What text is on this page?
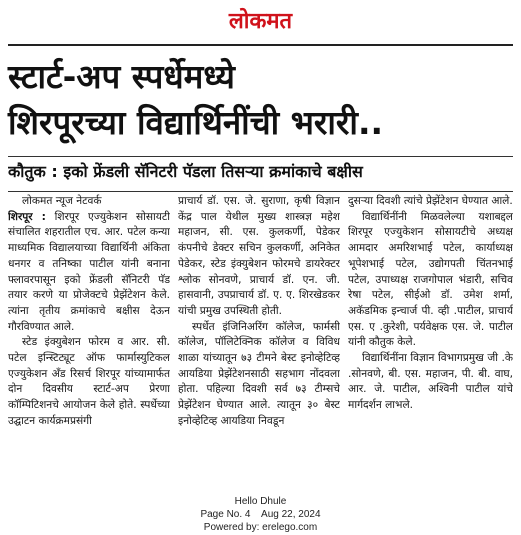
लोकमत
स्टार्ट-अप स्पर्धेमध्ये
शिरपूरच्या विद्यार्थिनींची भरारी..
कौतुक : इको फ्रेंडली सॅनिटरी पॅडला तिसऱ्या क्रमांकाचे बक्षीस

लोकमत न्यूज नेटवर्क

शिरपूर : शिरपूर एज्युकेशन सोसायटी संचालित शहरातील एच. आर. पटेल कन्या माध्यमिक विद्यालयाच्या विद्यार्थिनी अंकिता धनगर व तनिष्का पाटील यांनी बनाना फ्लावरपासून इको फ्रेंडली सॅनिटरी पॅड तयार करणे या प्रोजेक्टचे प्रेझेंटेशन केले. त्यांना तृतीय क्रमांकाचे बक्षीस देऊन गौरविण्यात आले.

स्टेड इंक्युबेशन फोरम व आर. सी. पटेल इन्स्टिट्यूट ऑफ फार्मास्युटिकल एज्युकेशन अँड रिसर्च शिरपूर यांच्यामार्फत दोन दिवसीय स्टार्ट-अप प्रेरणा कॉम्पिटिशनचे आयोजन केले होते. स्पर्धेच्या उद्घाटन कार्यक्रमप्रसंगी

प्राचार्य डॉ. एस. जे. सुराणा, कृषी विज्ञान केंद्र पाल येथील मुख्य शास्त्रज्ञ महेश महाजन, सी. एस. कुलकर्णी, पेडेकर कंपनीचे डेक्टर सचिन कुलकर्णी, अनिकेत पेडेकर, स्टेड इंक्युबेशन फोरमचे डायरेक्टर श्लोक सोनवणे, प्राचार्य डॉ. एन. जी. हासवानी, उपप्राचार्य डॉ. ए. ए. शिरखेडकर यांची प्रमुख उपस्थिती होती.

स्पर्धेत इंजिनिअरिंग कॉलेज, फार्मसी कॉलेज, पॉलिटेक्निक कॉलेज व विविध शाळा यांच्यातून ७३ टीमने बेस्ट इनोव्हेटिव्ह आयडिया प्रेझेंटेशनसाठी सहभाग नोंदवला होता. पहिल्या दिवशी सर्व ७३ टीम्सचे प्रेझेंटेशन घेण्यात आले. त्यातून ३० बेस्ट इनोव्हेटिव्ह आयडिया निवडून

दुसऱ्या दिवशी त्यांचे प्रेझेंटेशन घेण्यात आले.

विद्यार्थिनींनी मिळवलेल्या यशाबद्दल शिरपूर एज्युकेशन सोसायटीचे अध्यक्ष आमदार अमरिशभाई पटेल, कार्याध्यक्ष भूपेशभाई पटेल, उद्योगपती चिंतनभाई पटेल, उपाध्यक्ष राजगोपाल भंडारी, सचिव रेषा पटेल, सीईओ डॉ. उमेश शर्मा, अकॅडमिक इन्चार्ज पी. व्ही .पाटील, प्राचार्य एस. ए .कुरेशी, पर्यवेक्षक एस. जे. पाटील यांनी कौतुक केले.

विद्यार्थिनींना विज्ञान विभागप्रमुख जी .के .सोनवणे, बी. एस. महाजन, पी. बी. वाघ, आर. जे. पाटील, अश्विनी पाटील यांचे मार्गदर्शन लाभले.

Hello Dhule
Page No. 4    Aug 22, 2024
Powered by: erelego.com
